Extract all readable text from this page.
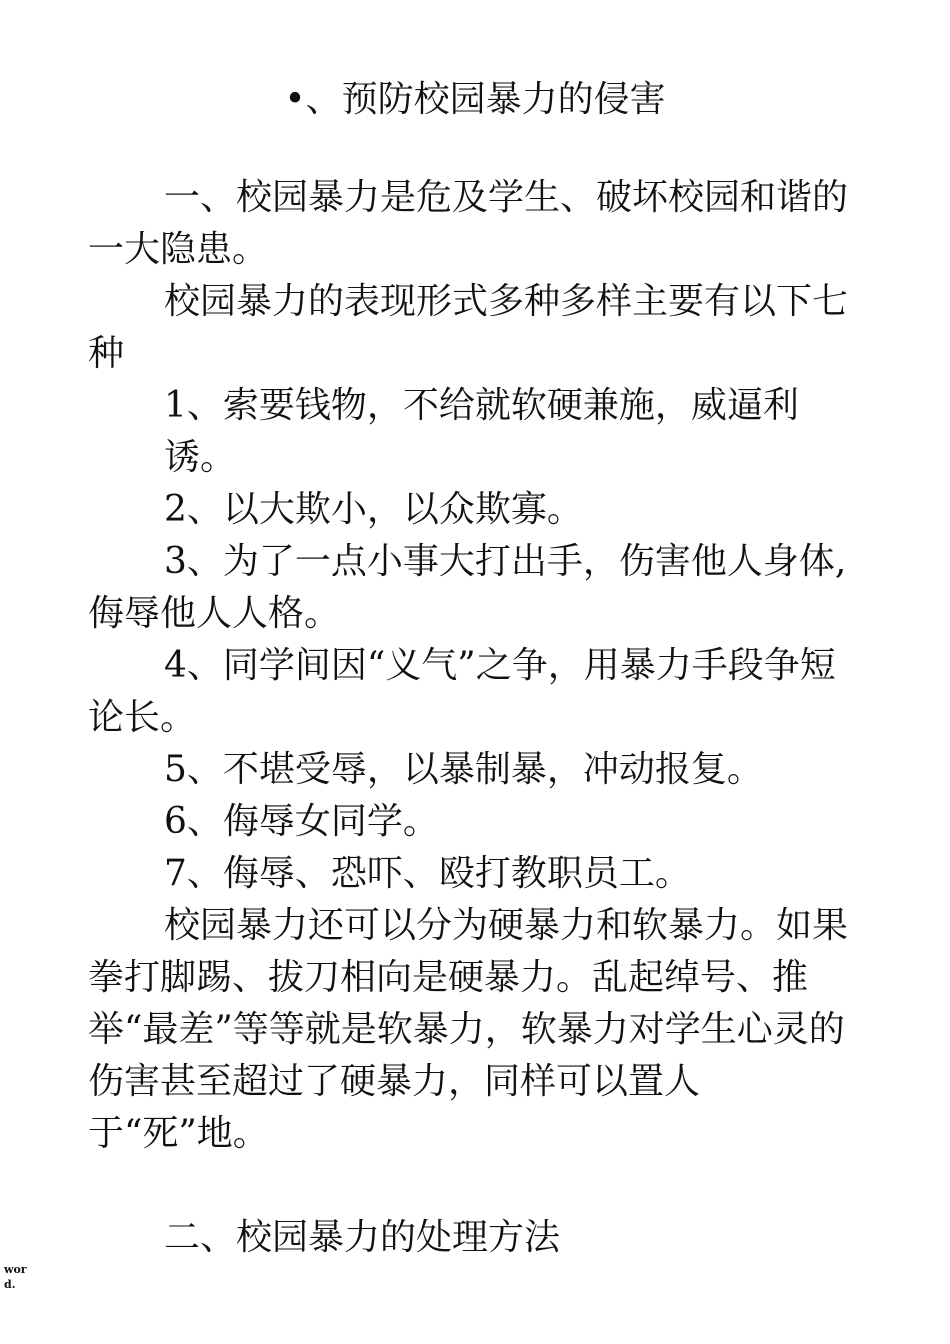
•、预防校园暴力的侵害

一、校园暴力是危及学生、破坏校园和谐的一大隐患。

校园暴力的表现形式多种多样主要有以下七种

1、索要钱物，不给就软硬兼施，威逼利诱。

2、以大欺小，以众欺寡。

3、为了一点小事大打出手，伤害他人身体,侮辱他人人格。

4、同学间因“义气”之争，用暴力手段争短论长。

5、不堪受辱，以暴制暴，冲动报复。

6、侮辱女同学。

7、侮辱、恐吓、殴打教职员工。

校园暴力还可以分为硬暴力和软暴力。如果拳打脚踢、拔刀相向是硬暴力。乱起绰号、推举“最差”等等就是软暴力，软暴力对学生心灵的伤害甚至超过了硬暴力，同样可以置人于“死”地。

二、校园暴力的处理方法

word.
